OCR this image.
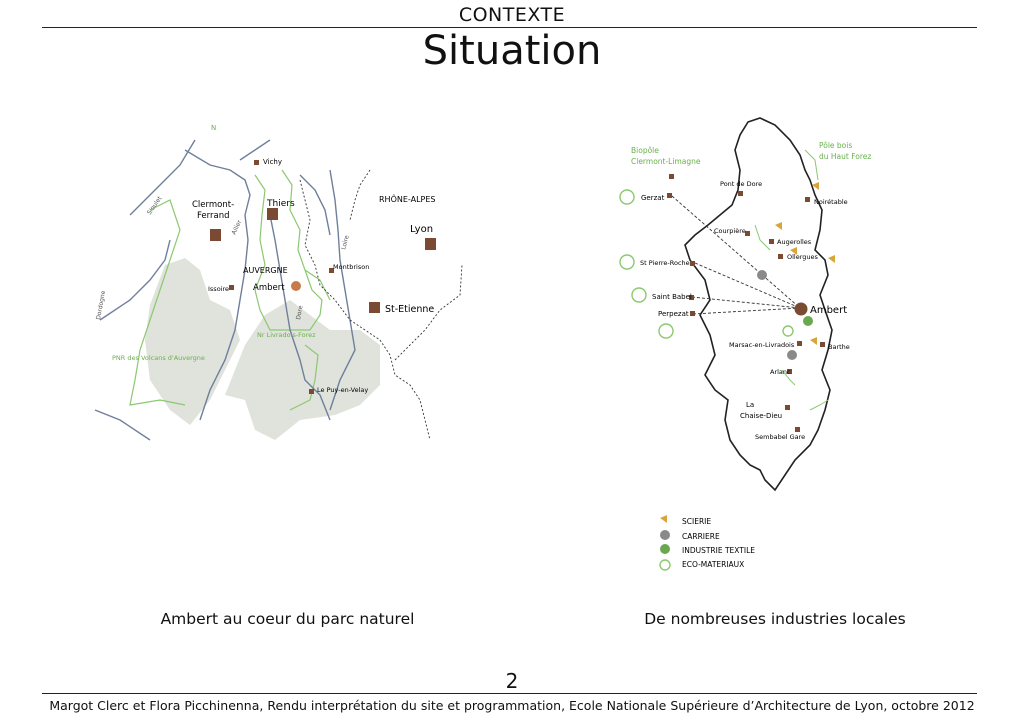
CONTEXTE
Situation
N
Vichy
Clermont-Ferrand
Thiers	RHÔNE-ALPES
Lyon
AUVERGNE
Ambert
Issoire
Montbrison
St-Etienne
Le Puy-en-Velay
Nr Livradois-Forez
PNR des Volcans d'Auvergne
Sioulet
Allier
Loire
Dordogne	Dore
Biopôle Clermont-Limagne
Pôle bois du Haut Forez
Gerzat
Pont de Dore
Noirétable
Courpière
Augerolles
Ollergues
St Pierre-Roche
Saint Babel
Perpezat	Ambert
Marsac-en-Livradois	Barthe
Arlanc
La Chaise-Dieu
Sembabel Gare
SCIERIE
CARRIERE
INDUSTRIE TEXTILE
ECO-MATERIAUX
Ambert au coeur du parc naturel	De nombreuses industries locales
2
Margot Clerc et Flora Picchinenna, Rendu interprétation du site et programmation, Ecole Nationale Supérieure d’Architecture de Lyon, octobre 2012
